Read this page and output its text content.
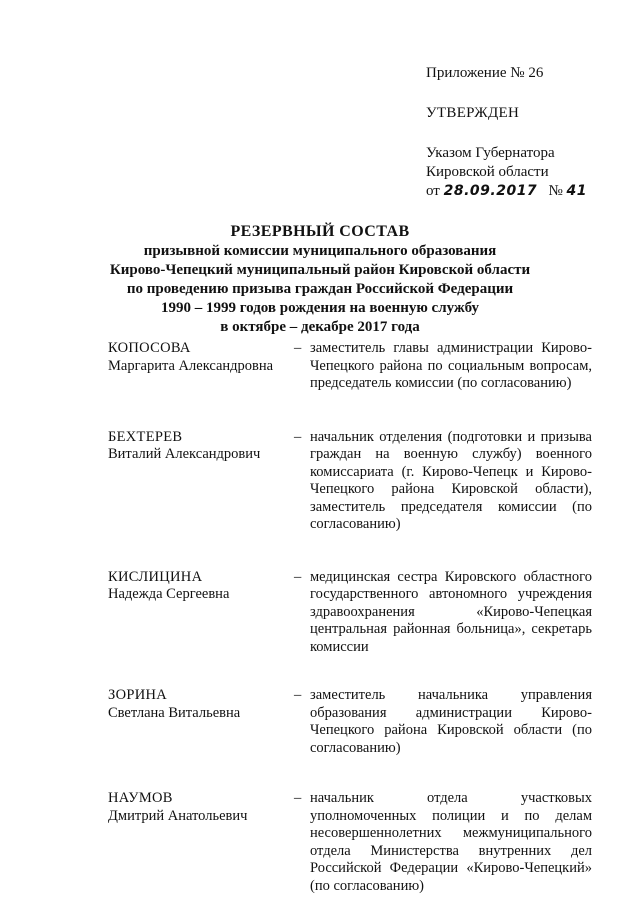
Приложение № 26

УТВЕРЖДЕН

Указом Губернатора

Кировской области

от 28.09.2017 № 41

РЕЗЕРВНЫЙ СОСТАВ
призывной комиссии муниципального образования
Кирово-Чепецкий муниципальный район Кировской области
по проведению призыва граждан Российской Федерации
1990 – 1999 годов рождения на военную службу
в октябре – декабре 2017 года
КОПОСОВА
Маргарита Александровна
– заместитель главы администрации Кирово-Чепецкого района по социальным вопросам, председатель комиссии (по согласованию)
БЕХТЕРЕВ
Виталий Александрович
– начальник отделения (подготовки и призыва граждан на военную службу) военного комиссариата (г. Кирово-Чепецк и Кирово-Чепецкого района Кировской области), заместитель председателя комиссии (по согласованию)
КИСЛИЦИНА
Надежда Сергеевна
– медицинская сестра Кировского областного государственного автономного учреждения здравоохранения «Кирово-Чепецкая центральная районная больница», секретарь комиссии
ЗОРИНА
Светлана Витальевна
– заместитель начальника управления образования администрации Кирово-Чепецкого района Кировской области (по согласованию)
НАУМОВ
Дмитрий Анатольевич
– начальник отдела участковых уполномоченных полиции и по делам несовершеннолетних межмуниципального отдела Министерства внутренних дел Российской Федерации «Кирово-Чепецкий» (по согласованию)
